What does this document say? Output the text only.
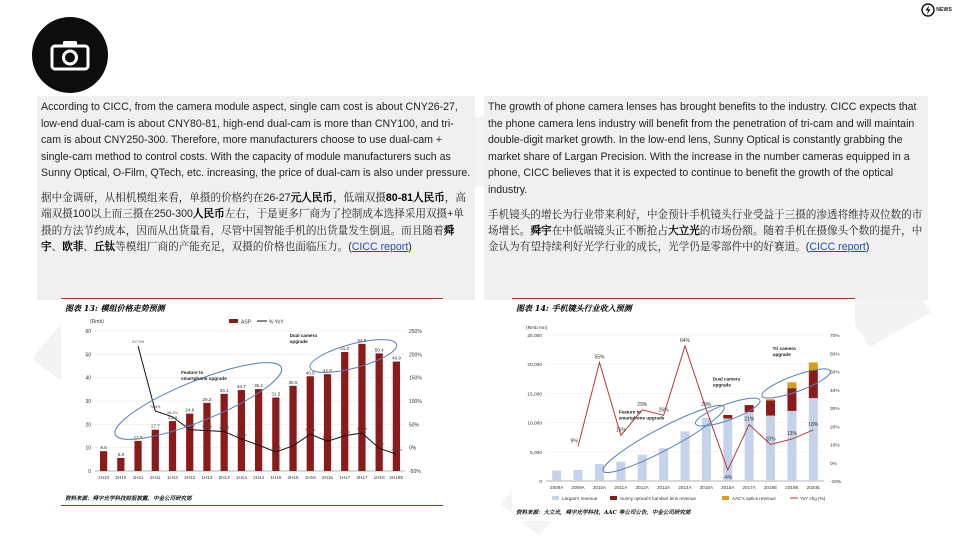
NEWS

According to CICC, from the camera module aspect, single cam cost is about CNY26-27, low-end dual-cam is about CNY80-81, high-end dual-cam is more than CNY100, and tri-cam is about CNY250-300. Therefore, more manufacturers choose to use dual-cam + single-cam method to control costs. With the capacity of module manufacturers such as Sunny Optical, O-Film, QTech, etc. increasing, the price of dual-cam is also under pressure.

据中金调研，从相机模组来看，单摄的价格约在26-27元人民币，低端双摄80-81人民币，高端双摄100以上而三摄在250-300人民币左右，于是更多厂商为了控制成本选择采用双摄+单摄的方法节约成本，因而从出货量看，尽管中国智能手机的出货量发生倒退。而且随着舜宇、欧菲、丘钛等模组厂商的产能充足，双摄的价格也面临压力。(CICC report)

The growth of phone camera lenses has brought benefits to the industry. CICC expects that the phone camera lens industry will benefit from the penetration of tri-cam and will maintain double-digit market growth. In the low-end lens, Sunny Optical is constantly grabbing the market share of Largan Precision. With the increase in the number cameras equipped in a phone, CICC believes that it is expected to continue to benefit the growth of the optical industry.

手机镜头的增长为行业带来利好，中金预计手机镜头行业受益于三摄的渗透将维持双位数的市场增长。舜宇在中低端镜头正不断抢占大立光的市场份额。随着手机在摄像头个数的提升，中金认为有望持续利好光学行业的成长，光学仍是零部件中的好赛道。(CICC report)

图表 13: 模组价格走势预测
(Rmb)	ASP	% YoY
0
10
20
30
40
50
60
-50%
0%
50%
100%
150%
200%
250%
1H10 2H10 1H11 2H11 1H12 2H12 1H13 2H13 1H14 2H14 1H15 2H15 1H16 2H16 1H17 2H17 1H18 2H18E
8.5
5.6
12.9
17.7
21.4
24.6
29.2
33.1
34.7 35.1
31.5
36.5
40.6 41.5
51.0
54.5
50.4
46.9
217.9%
78.6%
66.2%
38.6% 36.6% 34.6%
18.7%
5.5%
-9.2%
3.9%
28.9%
13.7%
25.5%
31.5%
-1.2%
-14.0%
Feature to
smartphone upgrade
Dual camera
upgrade
资料来源：舜宇光学科技财报披露，中金公司研究部
图表 14: 手机镜头行业收入预测
(Rmb mn)
0
5,000
10,000
15,000
20,000
25,000
-10%
0%
10%
20%
30%
40%
50%
60%
70%
2008A 2009A 2010A 2011A 2012A 2013A 2014A 2015A 2016A 2017A 2018E 2019E 2020E
9%
55%
15%
29%
26%
64%
29%
-4%
21%
10%
13%
18%
Feature to
smartphone upgrade
Dual camera
upgrade
Tri camera
upgrade
Largan's revenue	Sunny optical's handset lens revenue	AAC's optics revenue	YoY chg (%)
资料来源：大立光，舜宇光学科技，AAC 等公司公告，中金公司研究部
